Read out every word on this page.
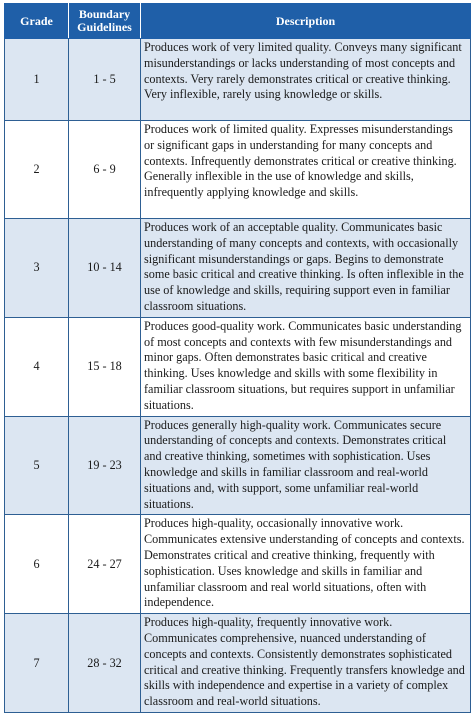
Grade	Boundary Guidelines	Description
1	1 - 5	Produces work of very limited quality. Conveys many significant misunderstandings or lacks understanding of most concepts and contexts. Very rarely demonstrates critical or creative thinking. Very inflexible, rarely using knowledge or skills.
2	6 - 9	Produces work of limited quality. Expresses misunderstandings or significant gaps in understanding for many concepts and contexts. Infrequently demonstrates critical or creative thinking. Generally inflexible in the use of knowledge and skills, infrequently applying knowledge and skills.
3	10 - 14	Produces work of an acceptable quality. Communicates basic understanding of many concepts and contexts, with occasionally significant misunderstandings or gaps. Begins to demonstrate some basic critical and creative thinking. Is often inflexible in the use of knowledge and skills, requiring support even in familiar classroom situations.
4	15 - 18	Produces good-quality work. Communicates basic understanding of most concepts and contexts with few misunderstandings and minor gaps. Often demonstrates basic critical and creative thinking. Uses knowledge and skills with some flexibility in familiar classroom situations, but requires support in unfamiliar situations.
5	19 - 23	Produces generally high-quality work. Communicates secure understanding of concepts and contexts. Demonstrates critical and creative thinking, sometimes with sophistication. Uses knowledge and skills in familiar classroom and real-world situations and, with support, some unfamiliar real-world situations.
6	24 - 27	Produces high-quality, occasionally innovative work. Communicates extensive understanding of concepts and contexts. Demonstrates critical and creative thinking, frequently with sophistication. Uses knowledge and skills in familiar and unfamiliar classroom and real world situations, often with independence.
7	28 - 32	Produces high-quality, frequently innovative work. Communicates comprehensive, nuanced understanding of concepts and contexts. Consistently demonstrates sophisticated critical and creative thinking. Frequently transfers knowledge and skills with independence and expertise in a variety of complex classroom and real-world situations.
